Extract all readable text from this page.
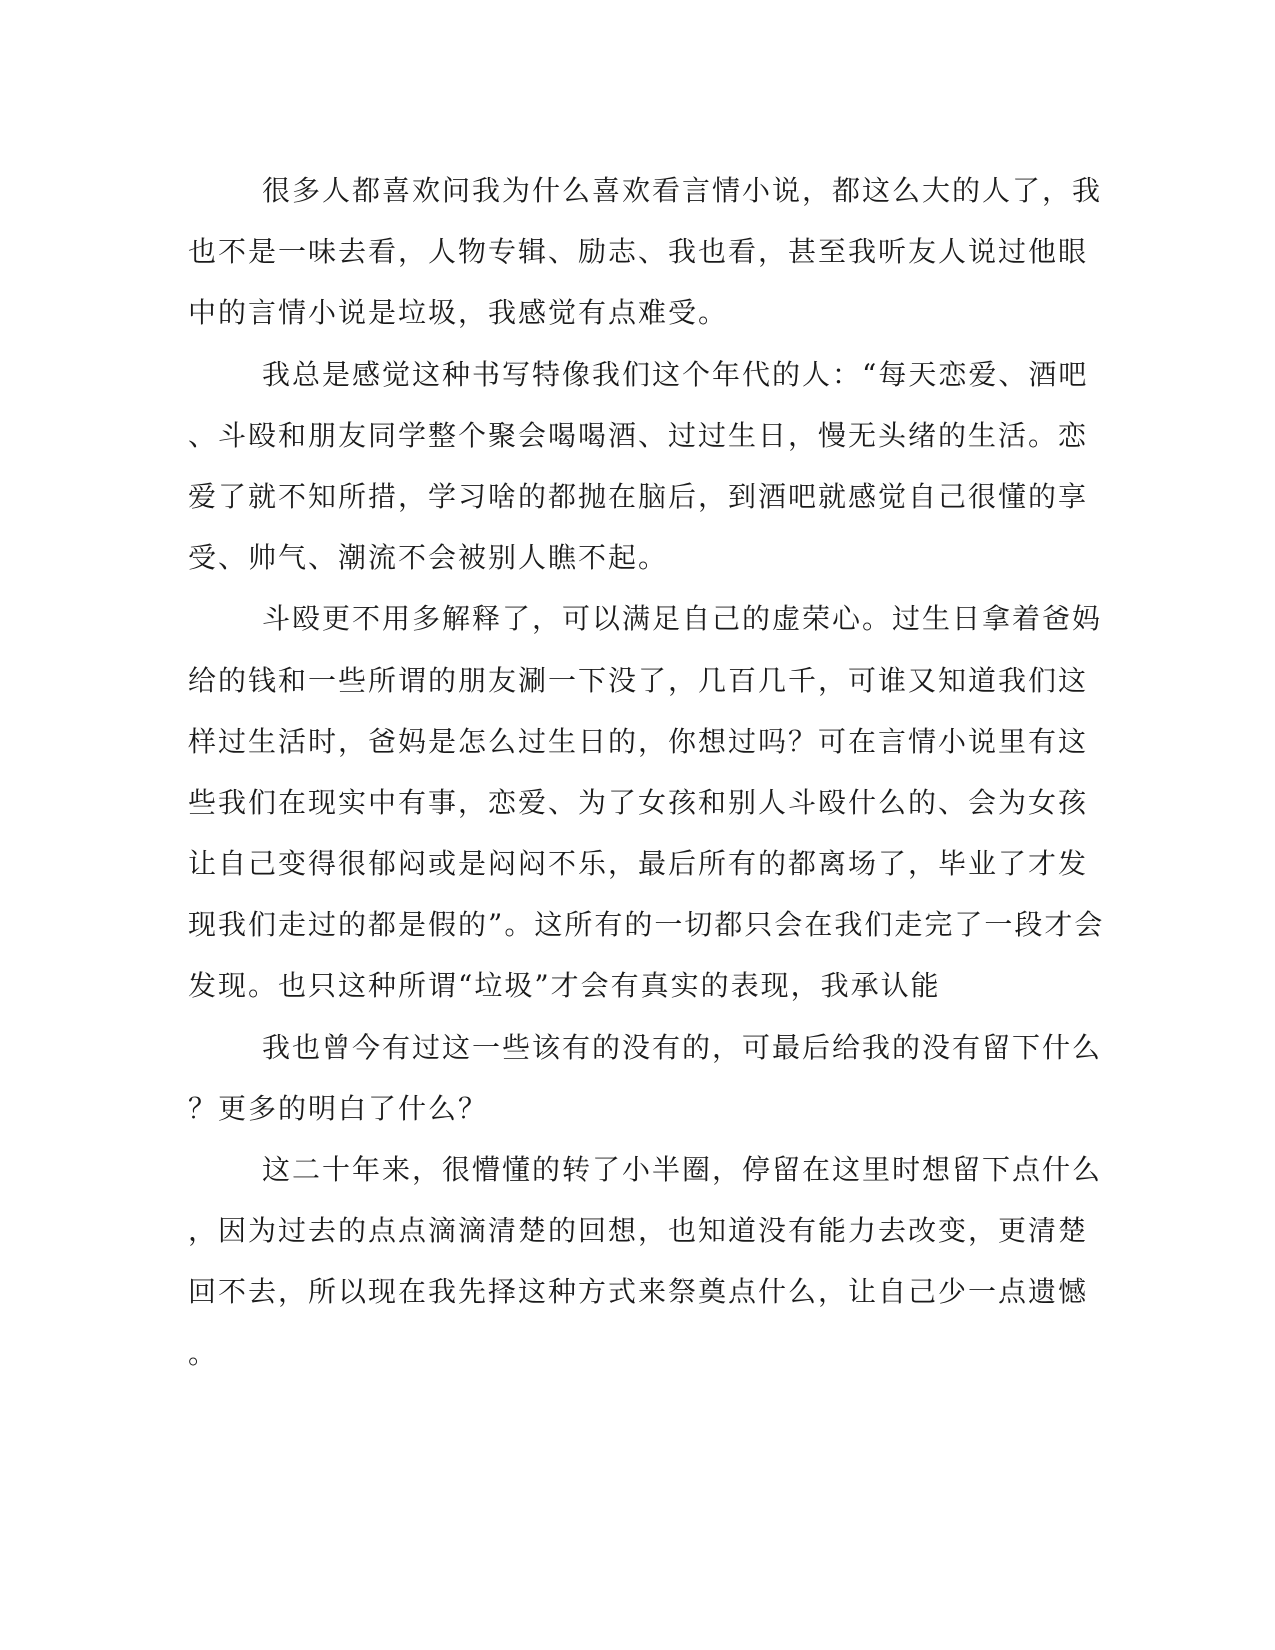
很多人都喜欢问我为什么喜欢看言情小说，都这么大的人了，我
也不是一味去看，人物专辑、励志、我也看，甚至我听友人说过他眼
中的言情小说是垃圾，我感觉有点难受。
我总是感觉这种书写特像我们这个年代的人：“每天恋爱、酒吧
、斗殴和朋友同学整个聚会喝喝酒、过过生日，慢无头绪的生活。恋
爱了就不知所措，学习啥的都抛在脑后，到酒吧就感觉自己很懂的享
受、帅气、潮流不会被别人瞧不起。
斗殴更不用多解释了，可以满足自己的虚荣心。过生日拿着爸妈
给的钱和一些所谓的朋友涮一下没了，几百几千，可谁又知道我们这
样过生活时，爸妈是怎么过生日的，你想过吗？可在言情小说里有这
些我们在现实中有事，恋爱、为了女孩和别人斗殴什么的、会为女孩
让自己变得很郁闷或是闷闷不乐，最后所有的都离场了，毕业了才发
现我们走过的都是假的”。这所有的一切都只会在我们走完了一段才会
发现。也只这种所谓“垃圾”才会有真实的表现，我承认能
我也曾今有过这一些该有的没有的，可最后给我的没有留下什么
？更多的明白了什么？
这二十年来，很懵懂的转了小半圈，停留在这里时想留下点什么
，因为过去的点点滴滴清楚的回想，也知道没有能力去改变，更清楚
回不去，所以现在我先择这种方式来祭奠点什么，让自己少一点遗憾
。
